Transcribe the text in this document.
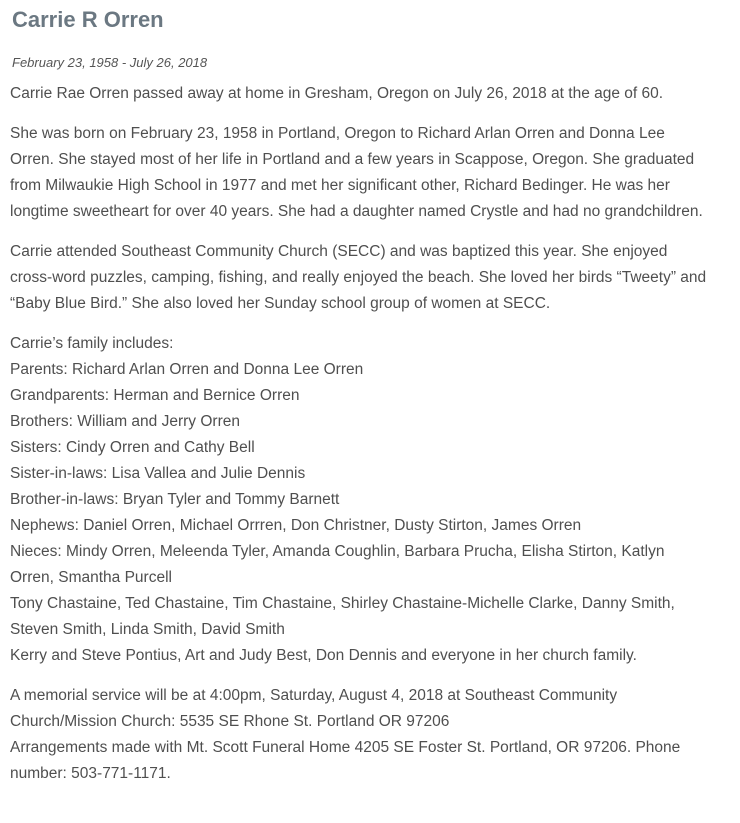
Carrie R Orren
February 23, 1958 - July 26, 2018

Carrie Rae Orren passed away at home in Gresham, Oregon on July 26, 2018 at the age of 60.

She was born on February 23, 1958 in Portland, Oregon to Richard Arlan Orren and Donna Lee
Orren. She stayed most of her life in Portland and a few years in Scappose, Oregon. She graduated
from Milwaukie High School in 1977 and met her significant other, Richard Bedinger. He was her
longtime sweetheart for over 40 years. She had a daughter named Crystle and had no grandchildren.

Carrie attended Southeast Community Church (SECC) and was baptized this year. She enjoyed
cross-word puzzles, camping, fishing, and really enjoyed the beach. She loved her birds “Tweety” and
“Baby Blue Bird.” She also loved her Sunday school group of women at SECC.

Carrie’s family includes:
Parents: Richard Arlan Orren and Donna Lee Orren
Grandparents: Herman and Bernice Orren
Brothers: William and Jerry Orren
Sisters: Cindy Orren and Cathy Bell
Sister-in-laws: Lisa Vallea and Julie Dennis
Brother-in-laws: Bryan Tyler and Tommy Barnett
Nephews: Daniel Orren, Michael Orrren, Don Christner, Dusty Stirton, James Orren
Nieces: Mindy Orren, Meleenda Tyler, Amanda Coughlin, Barbara Prucha, Elisha Stirton, Katlyn
Orren, Smantha Purcell
Tony Chastaine, Ted Chastaine, Tim Chastaine, Shirley Chastaine-Michelle Clarke, Danny Smith,
Steven Smith, Linda Smith, David Smith
Kerry and Steve Pontius, Art and Judy Best, Don Dennis and everyone in her church family.

A memorial service will be at 4:00pm, Saturday, August 4, 2018 at Southeast Community
Church/Mission Church: 5535 SE Rhone St. Portland OR 97206
Arrangements made with Mt. Scott Funeral Home 4205 SE Foster St. Portland, OR 97206. Phone
number: 503-771-1171.
